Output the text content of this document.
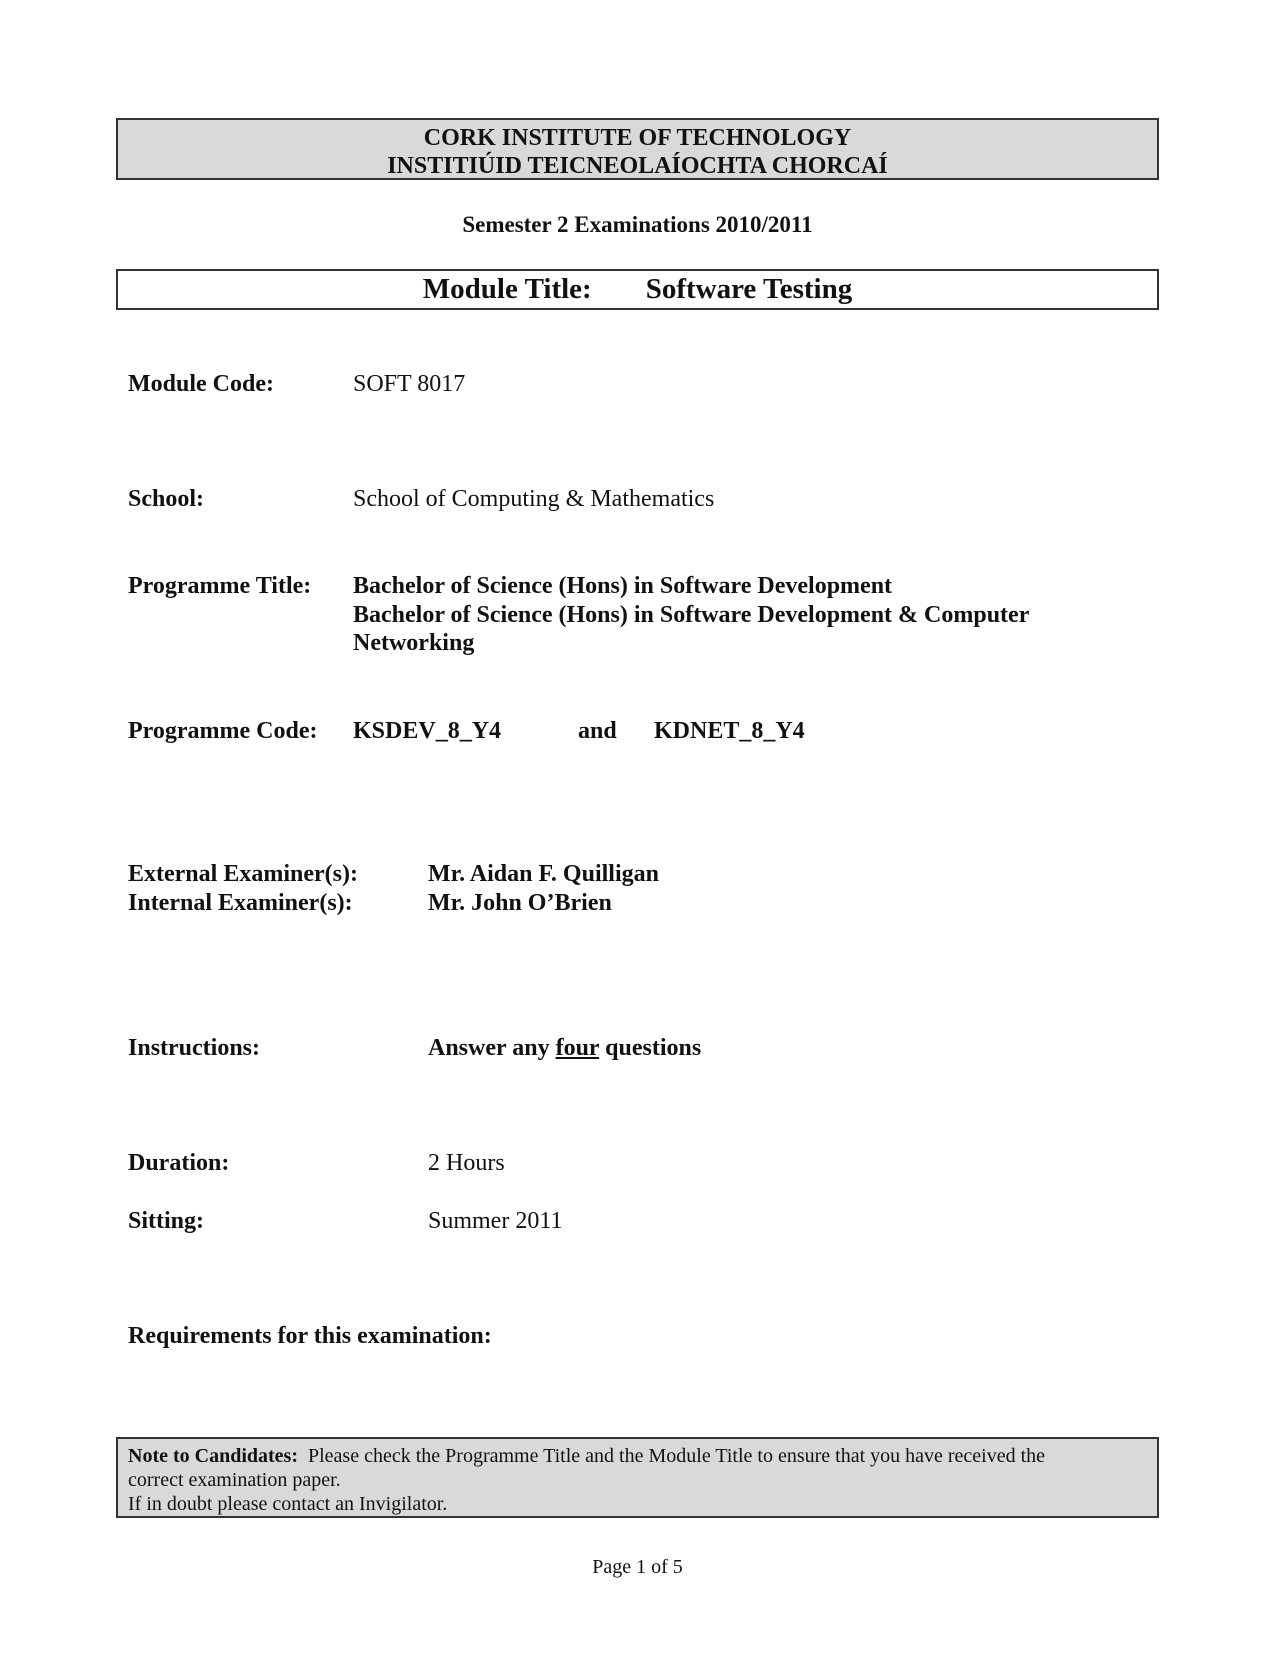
CORK INSTITUTE OF TECHNOLOGY
INSTITIÚID TEICNEOLAÍOCHTA CHORCAÍ
Semester 2 Examinations 2010/2011
Module Title: Software Testing
Module Code:	SOFT 8017
School:	School of Computing & Mathematics
Programme Title: Bachelor of Science (Hons) in Software Development
Bachelor of Science (Hons) in Software Development & Computer
Networking
Programme Code: KSDEV_8_Y4	and KDNET_8_Y4
External Examiner(s):	Mr. Aidan F. Quilligan
Internal Examiner(s):	Mr. John O’Brien
Instructions:	Answer any four questions
Duration:	2 Hours
Sitting:	Summer 2011
Requirements for this examination:
Note to Candidates: Please check the Programme Title and the Module Title to ensure that you have received the
correct examination paper.
If in doubt please contact an Invigilator.
Page 1 of 5
